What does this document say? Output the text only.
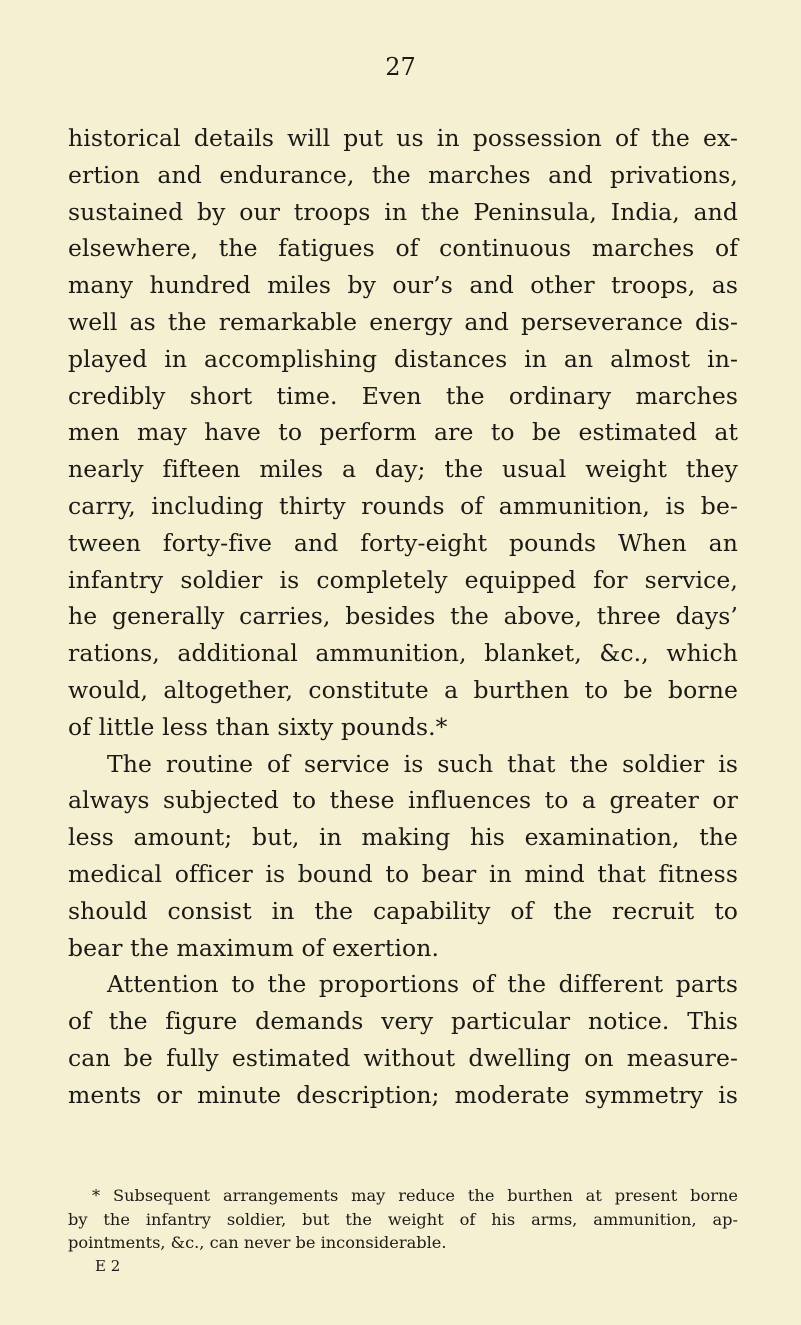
27
historical details will put us in possession of the ex-
ertion and endurance, the marches and privations,
sustained by our troops in the Peninsula, India, and
elsewhere, the fatigues of continuous marches of
many hundred miles by our’s and other troops, as
well as the remarkable energy and perseverance dis-
played in accomplishing distances in an almost in-
credibly short time. Even the ordinary marches
men may have to perform are to be estimated at
nearly fifteen miles a day; the usual weight they
carry, including thirty rounds of ammunition, is be-
tween forty-five and forty-eight pounds When an
infantry soldier is completely equipped for service,
he generally carries, besides the above, three days’
rations, additional ammunition, blanket, &c., which
would, altogether, constitute a burthen to be borne
of little less than sixty pounds.*
The routine of service is such that the soldier is
always subjected to these influences to a greater or
less amount; but, in making his examination, the
medical officer is bound to bear in mind that fitness
should consist in the capability of the recruit to
bear the maximum of exertion.
Attention to the proportions of the different parts
of the figure demands very particular notice. This
can be fully estimated without dwelling on measure-
ments or minute description; moderate symmetry is
* Subsequent arrangements may reduce the burthen at present borne
by the infantry soldier, but the weight of his arms, ammunition, ap-
pointments, &c., can never be inconsiderable.
E 2
